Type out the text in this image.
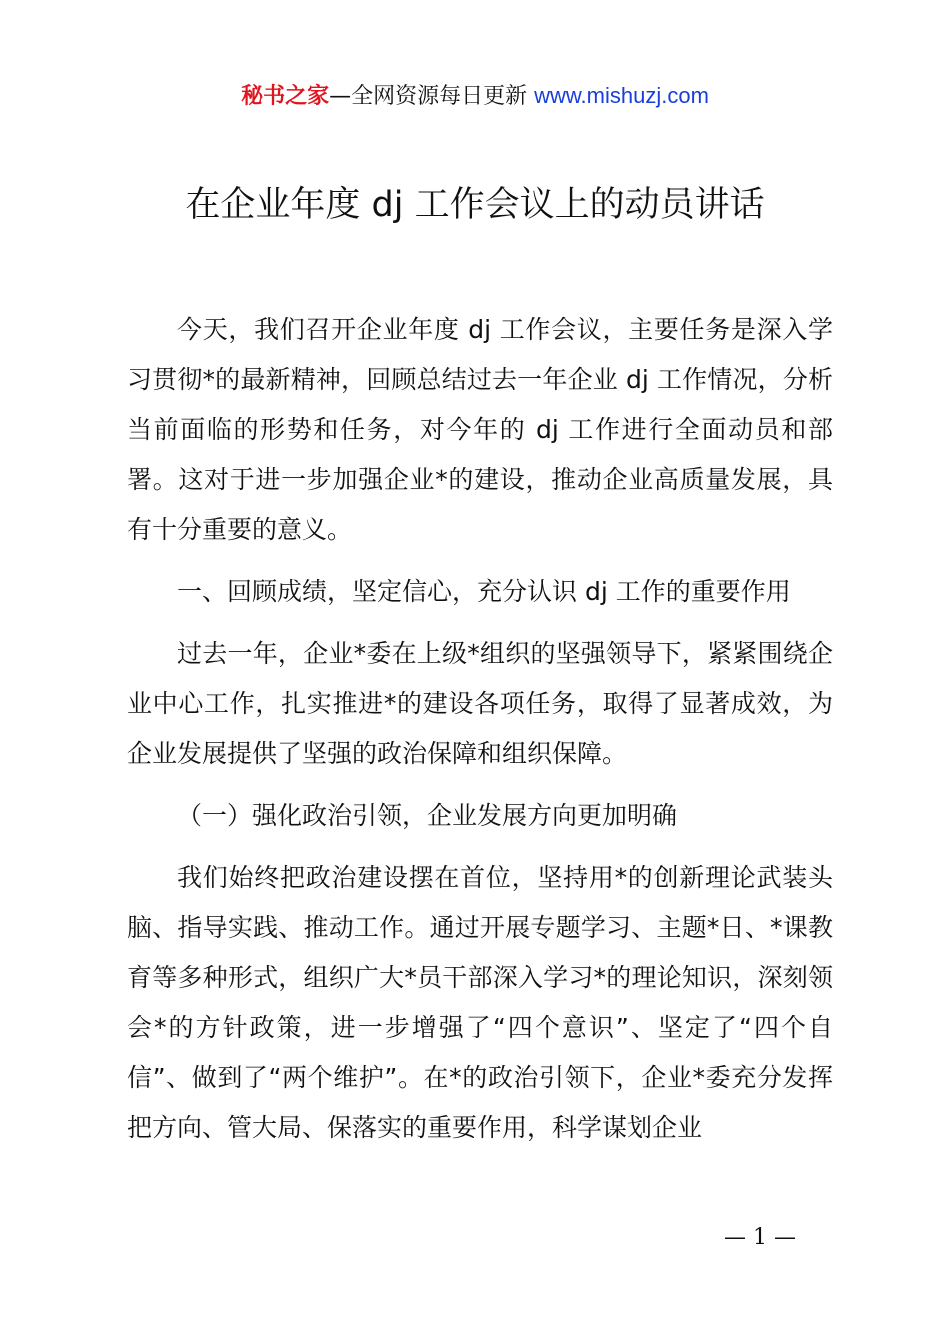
秘书之家—全网资源每日更新 www.mishuzj.com
在企业年度 dj 工作会议上的动员讲话

今天，我们召开企业年度 dj 工作会议，主要任务是深入学习贯彻*的最新精神，回顾总结过去一年企业 dj 工作情况，分析当前面临的形势和任务，对今年的 dj 工作进行全面动员和部署。这对于进一步加强企业*的建设，推动企业高质量发展，具有十分重要的意义。

一、回顾成绩，坚定信心，充分认识 dj 工作的重要作用

过去一年，企业*委在上级*组织的坚强领导下，紧紧围绕企业中心工作，扎实推进*的建设各项任务，取得了显著成效，为企业发展提供了坚强的政治保障和组织保障。

（一）强化政治引领，企业发展方向更加明确

我们始终把政治建设摆在首位，坚持用*的创新理论武装头脑、指导实践、推动工作。通过开展专题学习、主题*日、*课教育等多种形式，组织广大*员干部深入学习*的理论知识，深刻领会*的方针政策，进一步增强了“四个意识”、坚定了“四个自信”、做到了“两个维护”。在*的政治引领下，企业*委充分发挥把方向、管大局、保落实的重要作用，科学谋划企业

— 1 —
